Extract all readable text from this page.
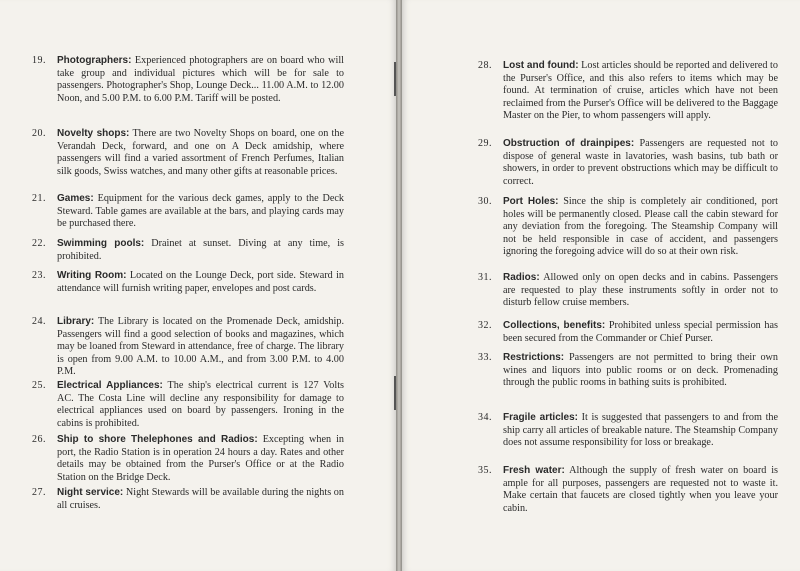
19.	Photographers: Experienced photographers are on board who will take group and individual pictures which will be for sale to passengers. Photographer's Shop, Lounge Deck... 11.00 A.M. to 12.00 Noon, and 5.00 P.M. to 6.00 P.M. Tariff will be posted.
20.	Novelty shops: There are two Novelty Shops on board, one on the Verandah Deck, forward, and one on A Deck amidship, where passengers will find a varied assortment of French Perfumes, Italian silk goods, Swiss watches, and many other gifts at reasonable prices.
21.	Games: Equipment for the various deck games, apply to the Deck Steward. Table games are available at the bars, and playing cards may be purchased there.
22.	Swimming pools: Drainet at sunset. Diving at any time, is prohibited.
23.	Writing Room: Located on the Lounge Deck, port side. Steward in attendance will furnish writing paper, envelopes and post cards.
24.	Library: The Library is located on the Promenade Deck, amidship. Passengers will find a good selection of books and magazines, which may be loaned from Steward in attendance, free of charge. The library is open from 9.00 A.M. to 10.00 A.M., and from 3.00 P.M. to 4.00 P.M.
25.	Electrical Appliances: The ship's electrical current is 127 Volts AC. The Costa Line will decline any responsibility for damage to electrical appliances used on board by passengers. Ironing in the cabins is prohibited.
26.	Ship to shore Thelephones and Radios: Excepting when in port, the Radio Station is in operation 24 hours a day. Rates and other details may be obtained from the Purser's Office or at the Radio Station on the Bridge Deck.
27.	Night service: Night Stewards will be available during the nights on all cruises.
28.	Lost and found: Lost articles should be reported and delivered to the Purser's Office, and this also refers to items which may be found. At termination of cruise, articles which have not been reclaimed from the Purser's Office will be delivered to the Baggage Master on the Pier, to whom passengers will apply.
29.	Obstruction of drainpipes: Passengers are requested not to dispose of general waste in lavatories, wash basins, tub bath or showers, in order to prevent obstructions which may be difficult to correct.
30.	Port Holes: Since the ship is completely air conditioned, port holes will be permanently closed. Please call the cabin steward for any deviation from the foregoing. The Steamship Company will not be held responsible in case of accident, and passengers ignoring the foregoing advice will do so at their own risk.
31.	Radios: Allowed only on open decks and in cabins. Passengers are requested to play these instruments softly in order not to disturb fellow cruise members.
32.	Collections, benefits: Prohibited unless special permission has been secured from the Commander or Chief Purser.
33.	Restrictions: Passengers are not permitted to bring their own wines and liquors into public rooms or on deck. Promenading through the public rooms in bathing suits is prohibited.
34.	Fragile articles: It is suggested that passengers to and from the ship carry all articles of breakable nature. The Steamship Company does not assume responsibility for loss or breakage.
35.	Fresh water: Although the supply of fresh water on board is ample for all purposes, passengers are requested not to waste it. Make certain that faucets are closed tightly when you leave your cabin.
